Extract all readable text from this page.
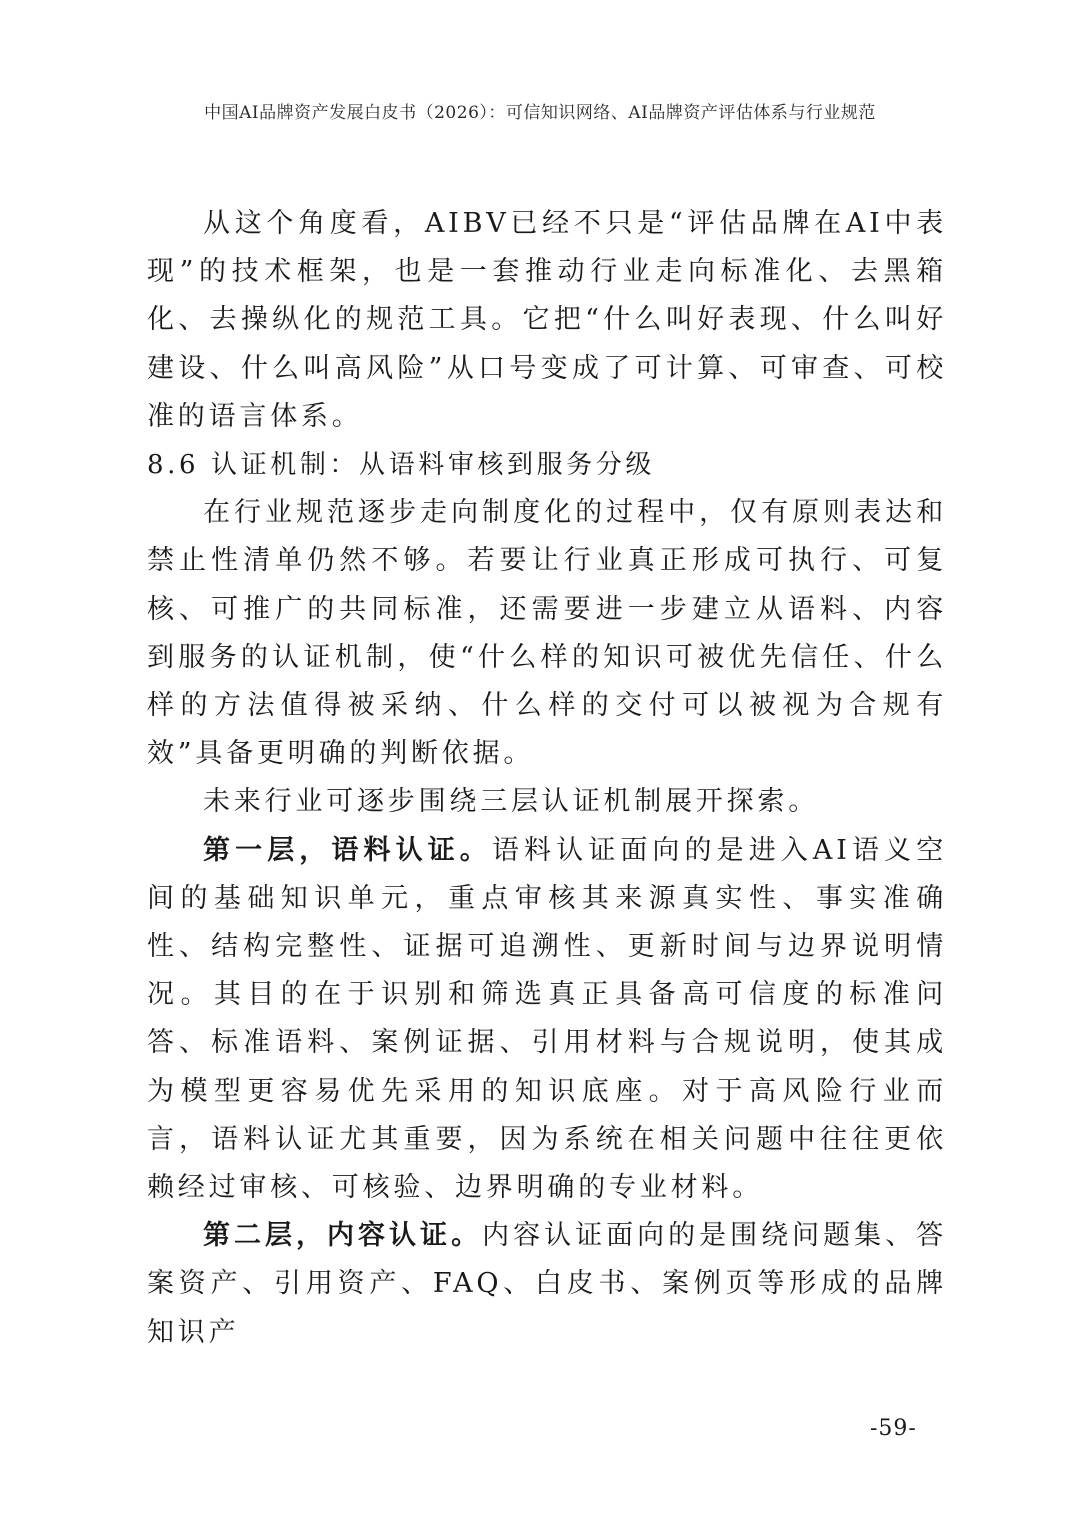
中国AI品牌资产发展白皮书（2026）：可信知识网络、AI品牌资产评估体系与行业规范

从这个角度看，AIBV已经不只是“评估品牌在AI中表现”的技术框架，也是一套推动行业走向标准化、去黑箱化、去操纵化的规范工具。它把“什么叫好表现、什么叫好建设、什么叫高风险”从口号变成了可计算、可审查、可校准的语言体系。

8.6 认证机制：从语料审核到服务分级

在行业规范逐步走向制度化的过程中，仅有原则表达和禁止性清单仍然不够。若要让行业真正形成可执行、可复核、可推广的共同标准，还需要进一步建立从语料、内容到服务的认证机制，使“什么样的知识可被优先信任、什么样的方法值得被采纳、什么样的交付可以被视为合规有效”具备更明确的判断依据。

未来行业可逐步围绕三层认证机制展开探索。

第一层，语料认证。语料认证面向的是进入AI语义空间的基础知识单元，重点审核其来源真实性、事实准确性、结构完整性、证据可追溯性、更新时间与边界说明情况。其目的在于识别和筛选真正具备高可信度的标准问答、标准语料、案例证据、引用材料与合规说明，使其成为模型更容易优先采用的知识底座。对于高风险行业而言，语料认证尤其重要，因为系统在相关问题中往往更依赖经过审核、可核验、边界明确的专业材料。

第二层，内容认证。内容认证面向的是围绕问题集、答案资产、引用资产、FAQ、白皮书、案例页等形成的品牌知识产

-59-
